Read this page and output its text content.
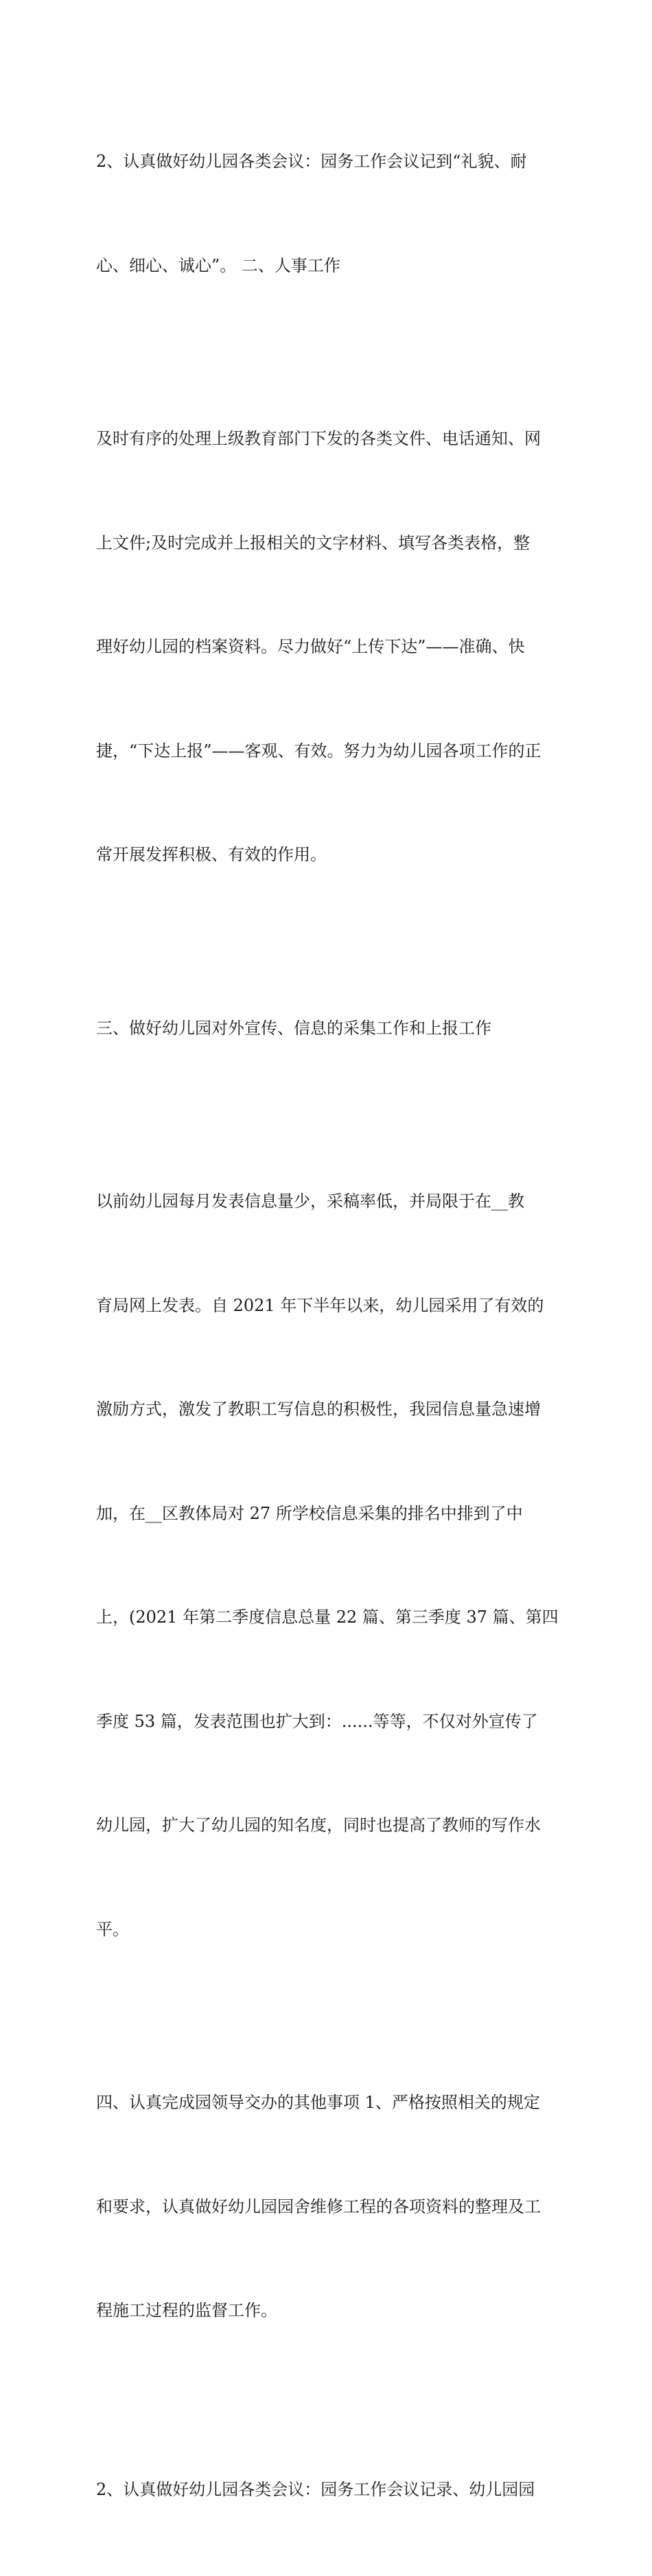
2、认真做好幼儿园各类会议：园务工作会议记到“礼貌、耐

心、细心、诚心”。 二、人事工作

及时有序的处理上级教育部门下发的各类文件、电话通知、网

上文件;及时完成并上报相关的文字材料、填写各类表格，整

理好幼儿园的档案资料。尽力做好“上传下达”——准确、快

捷，“下达上报”——客观、有效。努力为幼儿园各项工作的正

常开展发挥积极、有效的作用。

三、做好幼儿园对外宣传、信息的采集工作和上报工作

以前幼儿园每月发表信息量少，采稿率低，并局限于在__教

育局网上发表。自 2021 年下半年以来，幼儿园采用了有效的

激励方式，激发了教职工写信息的积极性，我园信息量急速增

加，在__区教体局对 27 所学校信息采集的排名中排到了中

上，(2021 年第二季度信息总量 22 篇、第三季度 37 篇、第四

季度 53 篇，发表范围也扩大到：......等等，不仅对外宣传了

幼儿园，扩大了幼儿园的知名度，同时也提高了教师的写作水

平。

四、认真完成园领导交办的其他事项 1、严格按照相关的规定

和要求，认真做好幼儿园园舍维修工程的各项资料的整理及工

程施工过程的监督工作。

2、认真做好幼儿园各类会议：园务工作会议记录、幼儿园园
